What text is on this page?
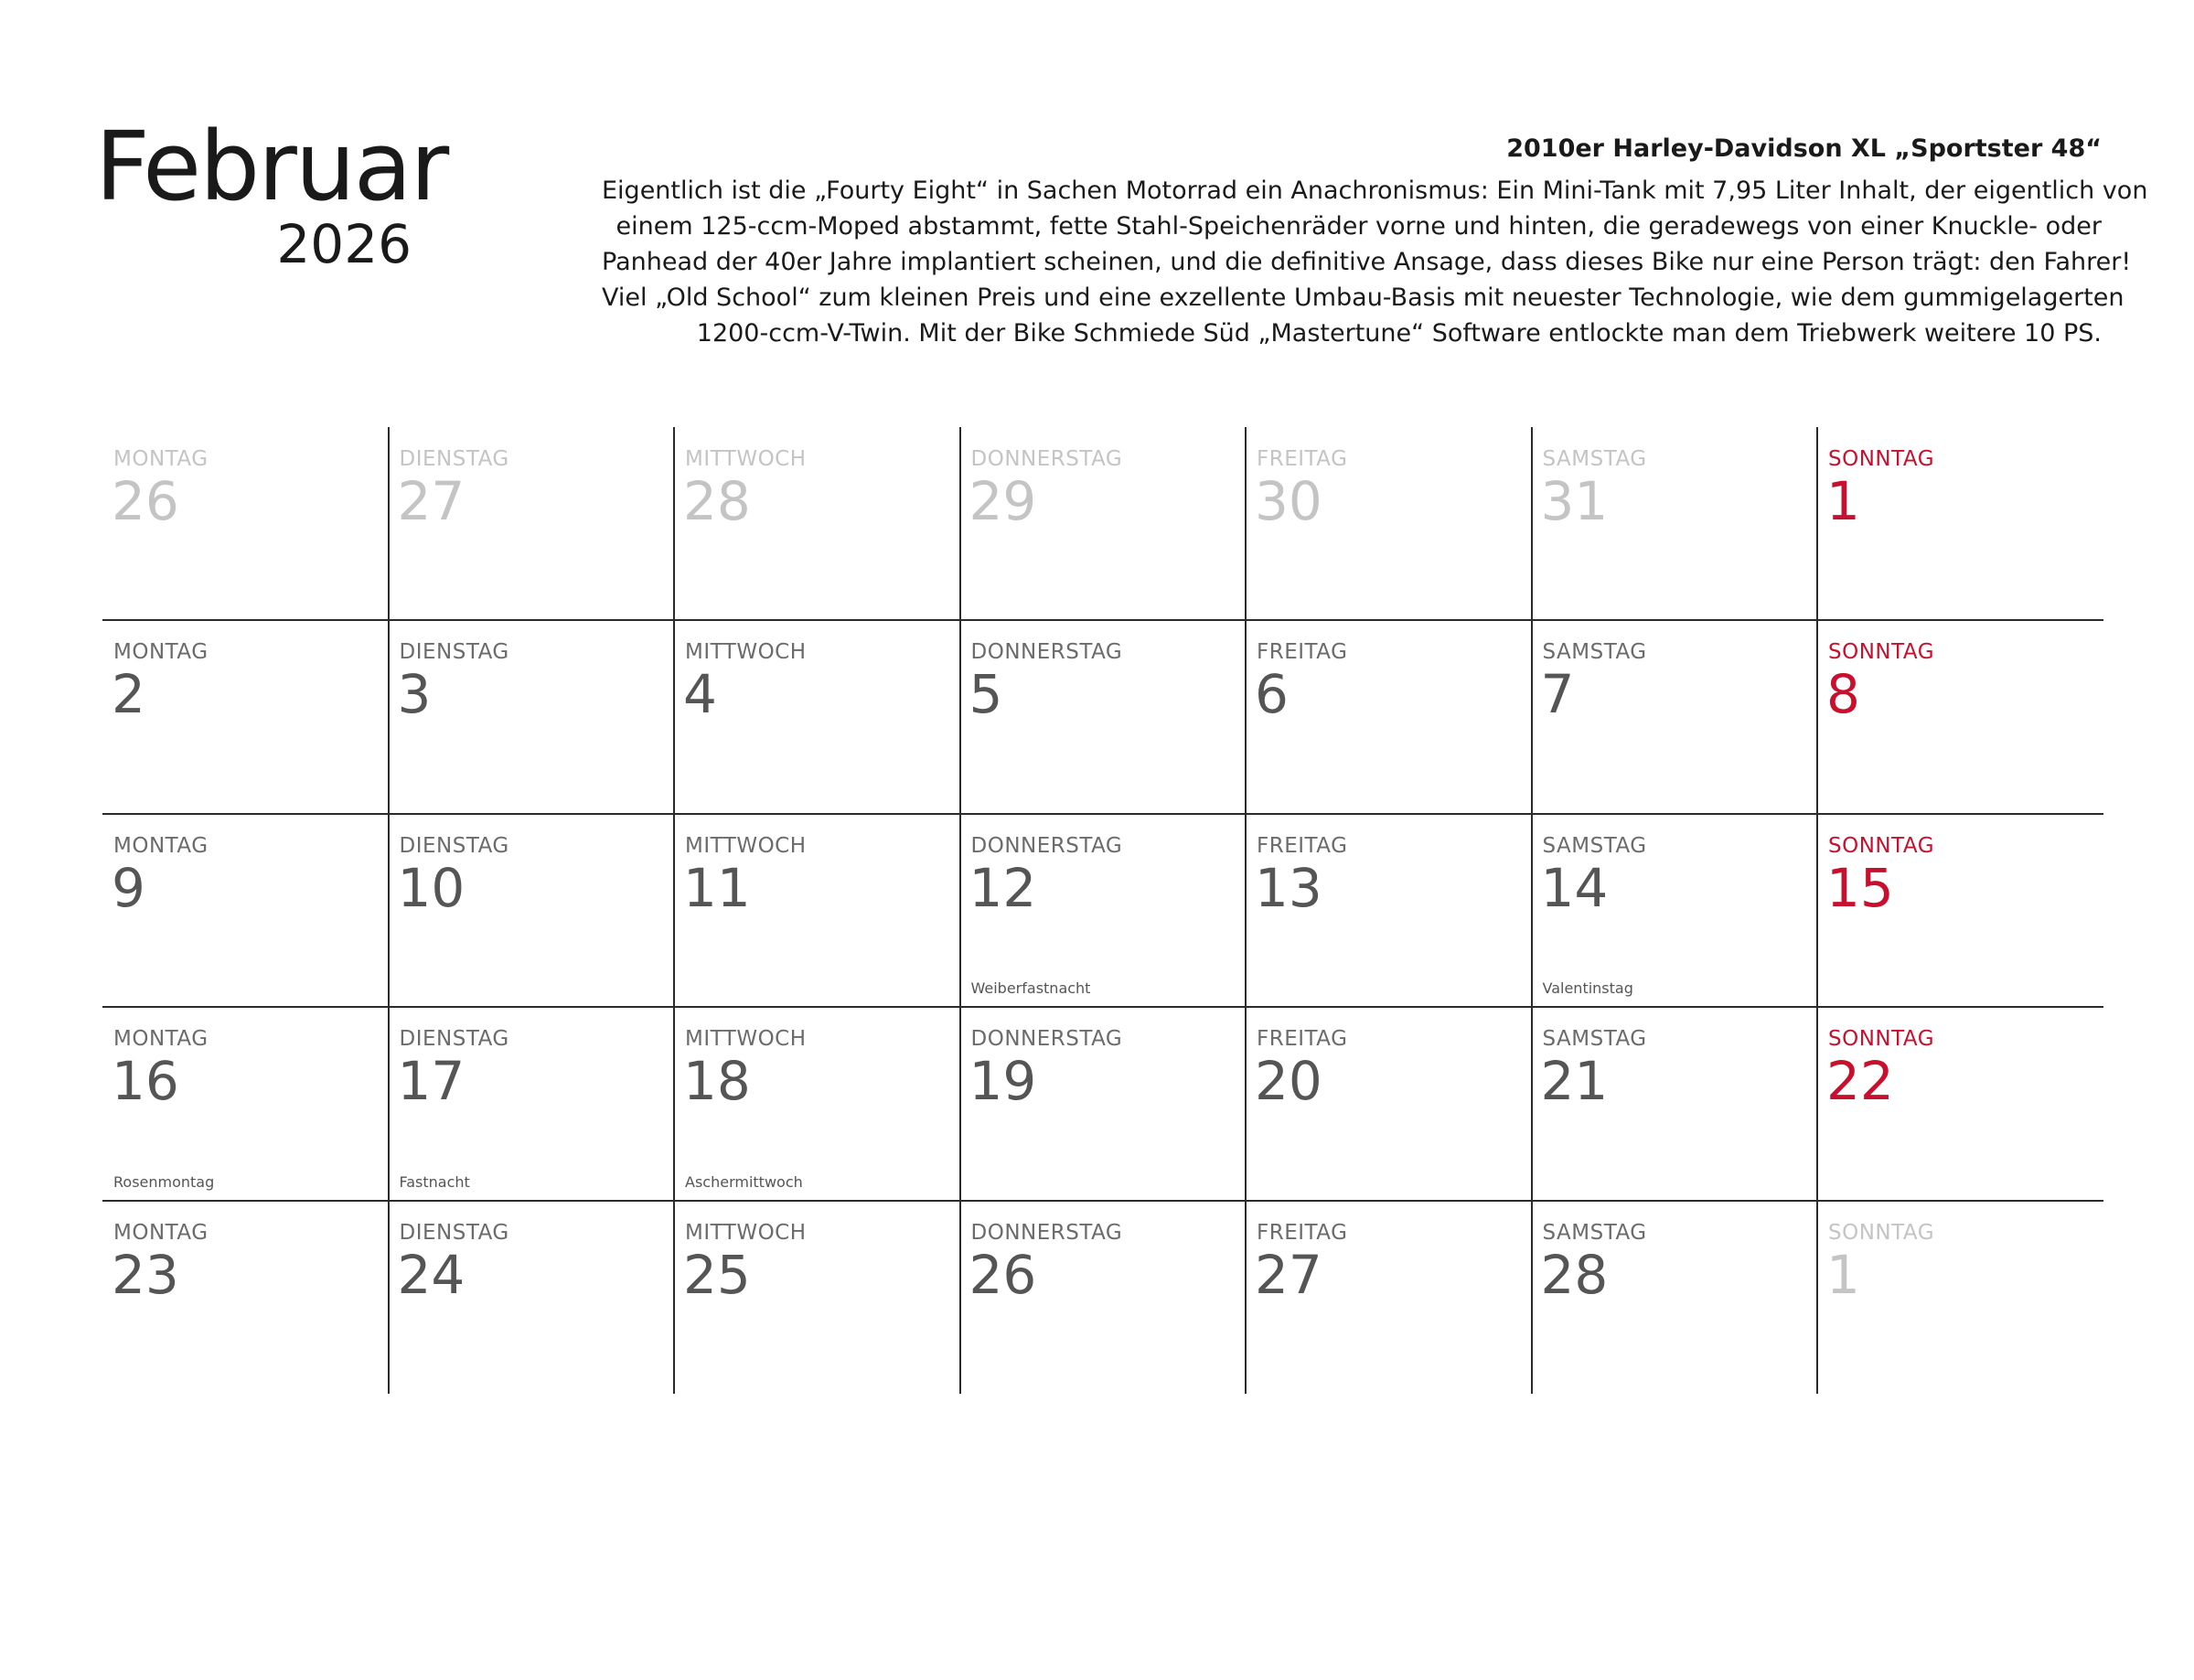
Februar
2026
2010er Harley-Davidson XL „Sportster 48“

Eigentlich ist die „Fourty Eight“ in Sachen Motorrad ein Anachronismus: Ein Mini-Tank mit 7,95 Liter Inhalt, der eigentlich von
einem 125-ccm-Moped abstammt, fette Stahl-Speichenräder vorne und hinten, die geradewegs von einer Knuckle- oder
Panhead der 40er Jahre implantiert scheinen, und die definitive Ansage, dass dieses Bike nur eine Person trägt: den Fahrer!
Viel „Old School“ zum kleinen Preis und eine exzellente Umbau-Basis mit neuester Technologie, wie dem gummigelagerten
1200-ccm-V-Twin. Mit der Bike Schmiede Süd „Mastertune“ Software entlockte man dem Triebwerk weitere 10 PS.

MONTAG
26
DIENSTAG
27
MITTWOCH
28
DONNERSTAG
29
FREITAG
30
SAMSTAG
31
SONNTAG
1
MONTAG
2
DIENSTAG
3
MITTWOCH
4
DONNERSTAG
5
FREITAG
6
SAMSTAG
7
SONNTAG
8
MONTAG
9
DIENSTAG
10
MITTWOCH
11
DONNERSTAG
12
Weiberfastnacht
FREITAG
13
SAMSTAG
14
Valentinstag
SONNTAG
15
MONTAG
16
Rosenmontag
DIENSTAG
17
Fastnacht
MITTWOCH
18
Aschermittwoch
DONNERSTAG
19
FREITAG
20
SAMSTAG
21
SONNTAG
22
MONTAG
23
DIENSTAG
24
MITTWOCH
25
DONNERSTAG
26
FREITAG
27
SAMSTAG
28
SONNTAG
1
